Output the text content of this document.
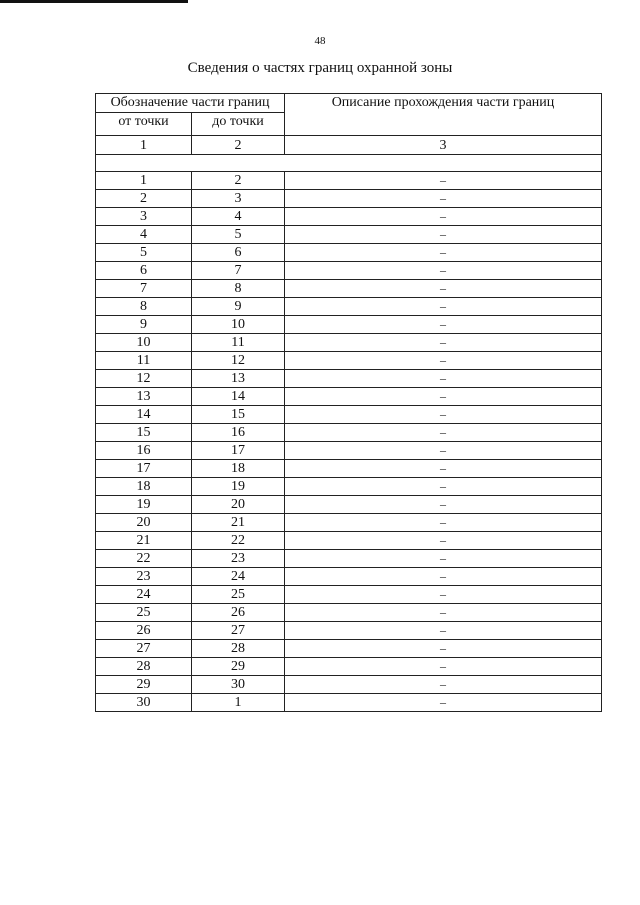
48
Сведения о частях границ охранной зоны
Обозначение части границ		Описание прохождения части границ
от точки	до точки	
1	2	3

1	2	–
2	3	–
3	4	–
4	5	–
5	6	–
6	7	–
7	8	–
8	9	–
9	10	–
10	11	–
11	12	–
12	13	–
13	14	–
14	15	–
15	16	–
16	17	–
17	18	–
18	19	–
19	20	–
20	21	–
21	22	–
22	23	–
23	24	–
24	25	–
25	26	–
26	27	–
27	28	–
28	29	–
29	30	–
30	1	–
